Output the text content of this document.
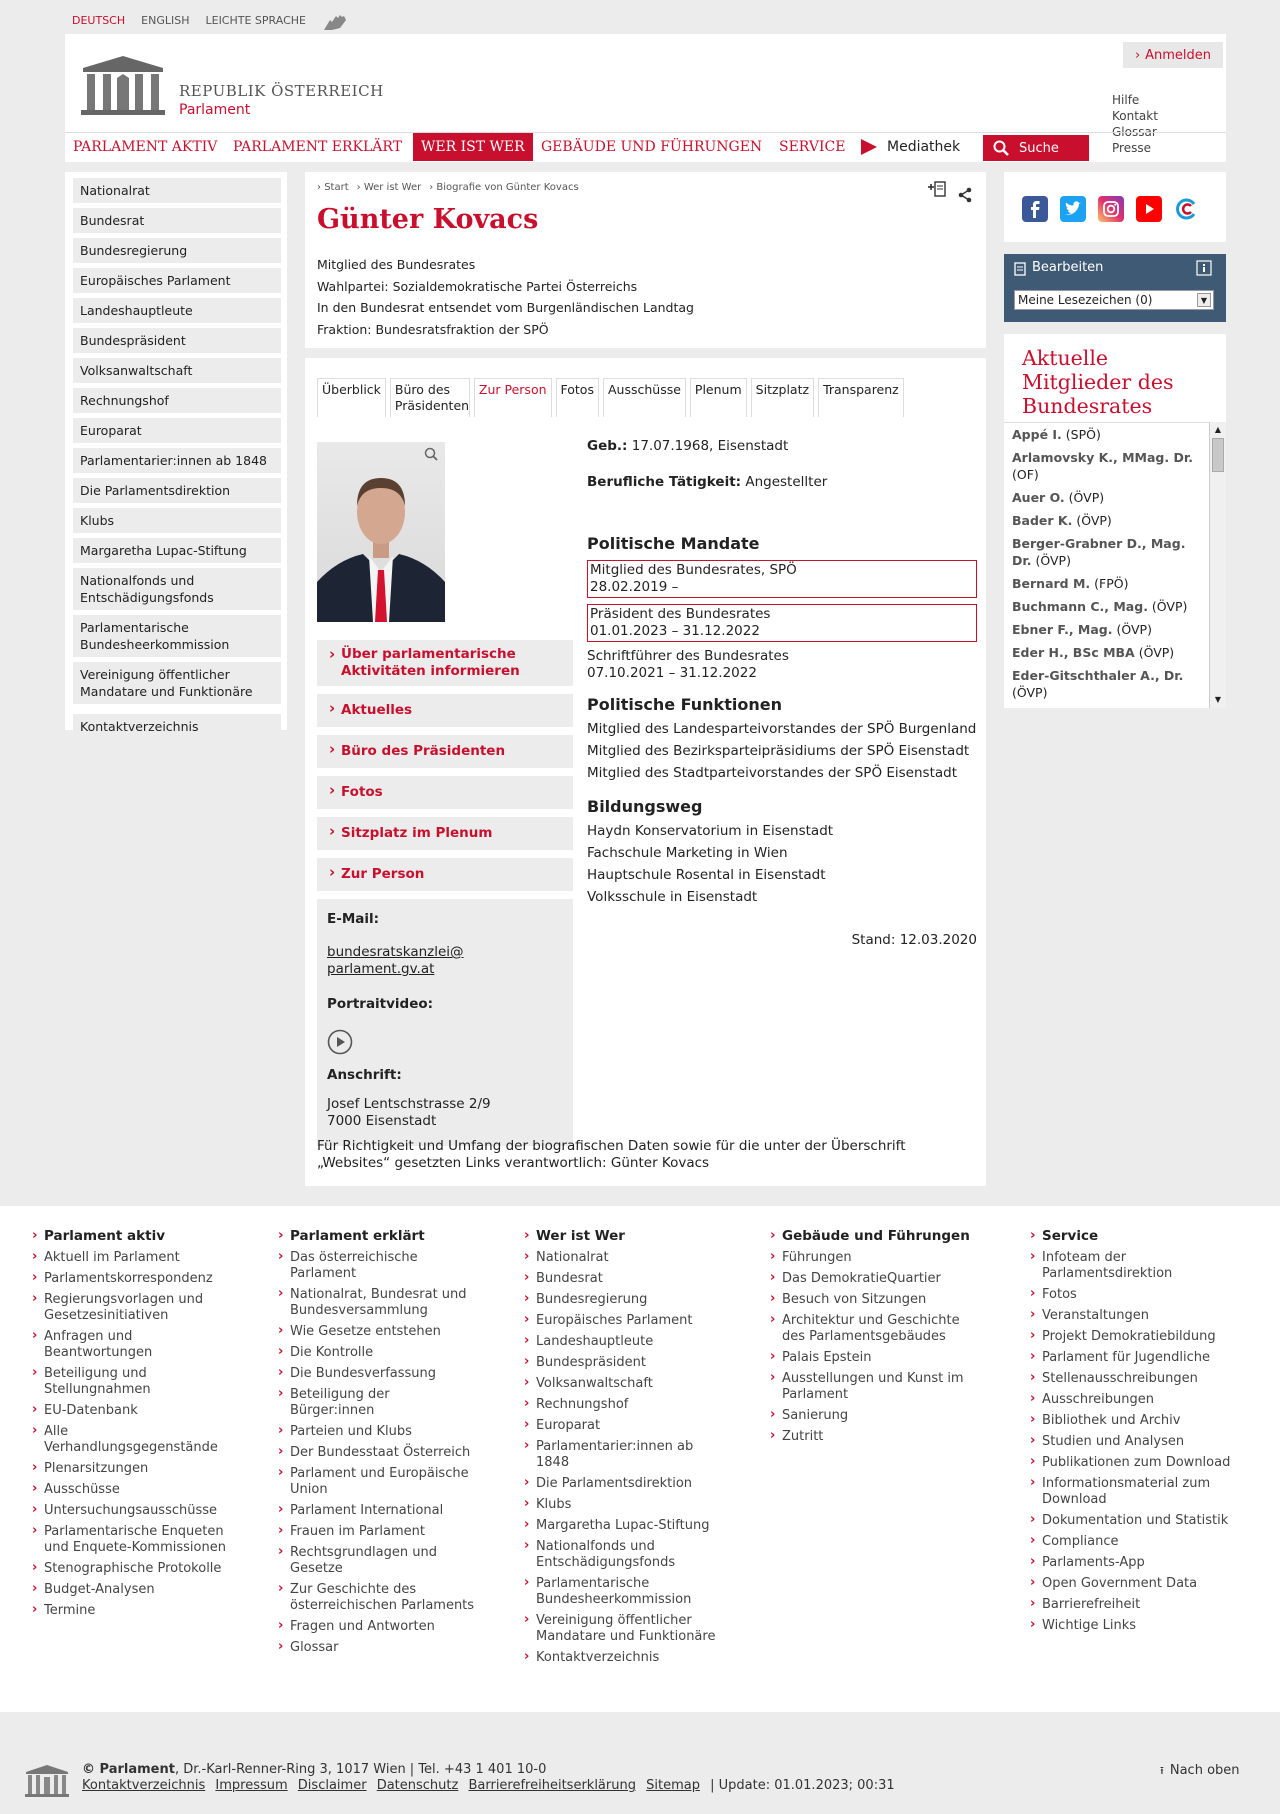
DEUTSCH ENGLISH LEICHTE SPRACHE
REPUBLIK ÖSTERREICH
Parlament
› Anmelden
Hilfe
Kontakt
Glossar
Presse
PARLAMENT AKTIV	PARLAMENT ERKLÄRT	WER IST WER	GEBÄUDE UND FÜHRUNGEN	SERVICE	Mediathek	Suche
Nationalrat
Bundesrat
Bundesregierung
Europäisches Parlament
Landeshauptleute
Bundespräsident
Volksanwaltschaft
Rechnungshof
Europarat
Parlamentarier:innen ab 1848
Die Parlamentsdirektion
Klubs
Margaretha Lupac-Stiftung
Nationalfonds und Entschädigungsfonds
Parlamentarische Bundesheerkommission
Vereinigung öffentlicher Mandatare und Funktionäre
Kontaktverzeichnis
› Start › Wer ist Wer › Biografie von Günter Kovacs
Günter Kovacs
Mitglied des Bundesrates
Wahlpartei: Sozialdemokratische Partei Österreichs
In den Bundesrat entsendet vom Burgenländischen Landtag
Fraktion: Bundesratsfraktion der SPÖ
Überblick	Büro des Präsidenten
Zur Person	Fotos	Ausschüsse	Plenum	Sitzplatz	Transparenz
› Über parlamentarische Aktivitäten informieren
› Aktuelles
› Büro des Präsidenten
› Fotos
› Sitzplatz im Plenum
› Zur Person
E-Mail:
bundesratskanzlei@
parlament.gv.at
Portraitvideo:
Anschrift:
Josef Lentschstrasse 2/9
7000 Eisenstadt
Geb.: 17.07.1968, Eisenstadt
Berufliche Tätigkeit: Angestellter
Politische Mandate
Mitglied des Bundesrates, SPÖ
28.02.2019 –
Präsident des Bundesrates
01.01.2023 – 31.12.2022
Schriftführer des Bundesrates
07.10.2021 – 31.12.2022
Politische Funktionen
Mitglied des Landesparteivorstandes der SPÖ Burgenland
Mitglied des Bezirksparteipräsidiums der SPÖ Eisenstadt
Mitglied des Stadtparteivorstandes der SPÖ Eisenstadt
Bildungsweg
Haydn Konservatorium in Eisenstadt
Fachschule Marketing in Wien
Hauptschule Rosental in Eisenstadt
Volksschule in Eisenstadt
Stand: 12.03.2020
Für Richtigkeit und Umfang der biografischen Daten sowie für die unter der Überschrift „Websites“ gesetzten Links verantwortlich: Günter Kovacs
Bearbeiten
Meine Lesezeichen (0)	▼
Aktuelle Mitglieder des Bundesrates
Appé I. (SPÖ)
Arlamovsky K., MMag. Dr. (OF)
Auer O. (ÖVP)
Bader K. (ÖVP)
Berger-Grabner D., Mag. Dr. (ÖVP)
Bernard M. (FPÖ)
Buchmann C., Mag. (ÖVP)
Ebner F., Mag. (ÖVP)
Eder H., BSc MBA (ÖVP)
Eder-Gitschthaler A., Dr. (ÖVP)
▲
▼
› Parlament aktiv
› Aktuell im Parlament
› Parlamentskorrespondenz
› Regierungsvorlagen und Gesetzesinitiativen
› Anfragen und Beantwortungen
› Beteiligung und Stellungnahmen
› EU-Datenbank
› Alle Verhandlungsgegenstände
› Plenarsitzungen
› Ausschüsse
› Untersuchungsausschüsse
› Parlamentarische Enqueten und Enquete-Kommissionen
› Stenographische Protokolle
› Budget-Analysen
› Termine
› Parlament erklärt
› Das österreichische Parlament
› Nationalrat, Bundesrat und Bundesversammlung
› Wie Gesetze entstehen
› Die Kontrolle
› Die Bundesverfassung
› Beteiligung der Bürger:innen
› Parteien und Klubs
› Der Bundesstaat Österreich
› Parlament und Europäische Union
› Parlament International
› Frauen im Parlament
› Rechtsgrundlagen und Gesetze
› Zur Geschichte des österreichischen Parlaments
› Fragen und Antworten
› Glossar
› Wer ist Wer
› Nationalrat
› Bundesrat
› Bundesregierung
› Europäisches Parlament
› Landeshauptleute
› Bundespräsident
› Volksanwaltschaft
› Rechnungshof
› Europarat
› Parlamentarier:innen ab 1848
› Die Parlamentsdirektion
› Klubs
› Margaretha Lupac-Stiftung
› Nationalfonds und Entschädigungsfonds
› Parlamentarische Bundesheerkommission
› Vereinigung öffentlicher Mandatare und Funktionäre
› Kontaktverzeichnis
› Gebäude und Führungen
› Führungen
› Das DemokratieQuartier
› Besuch von Sitzungen
› Architektur und Geschichte des Parlamentsgebäudes
› Palais Epstein
› Ausstellungen und Kunst im Parlament
› Sanierung
› Zutritt
› Service
› Infoteam der Parlamentsdirektion
› Fotos
› Veranstaltungen
› Projekt Demokratiebildung
› Parlament für Jugendliche
› Stellenausschreibungen
› Ausschreibungen
› Bibliothek und Archiv
› Studien und Analysen
› Publikationen zum Download
› Informationsmaterial zum Download
› Dokumentation und Statistik
› Compliance
› Parlaments-App
› Open Government Data
› Barrierefreiheit
› Wichtige Links
© Parlament, Dr.-Karl-Renner-Ring 3, 1017 Wien | Tel. +43 1 401 10-0
Kontaktverzeichnis Impressum Disclaimer Datenschutz Barrierefreiheitserklärung Sitemap | Update: 01.01.2023; 00:31
⭱ Nach oben
